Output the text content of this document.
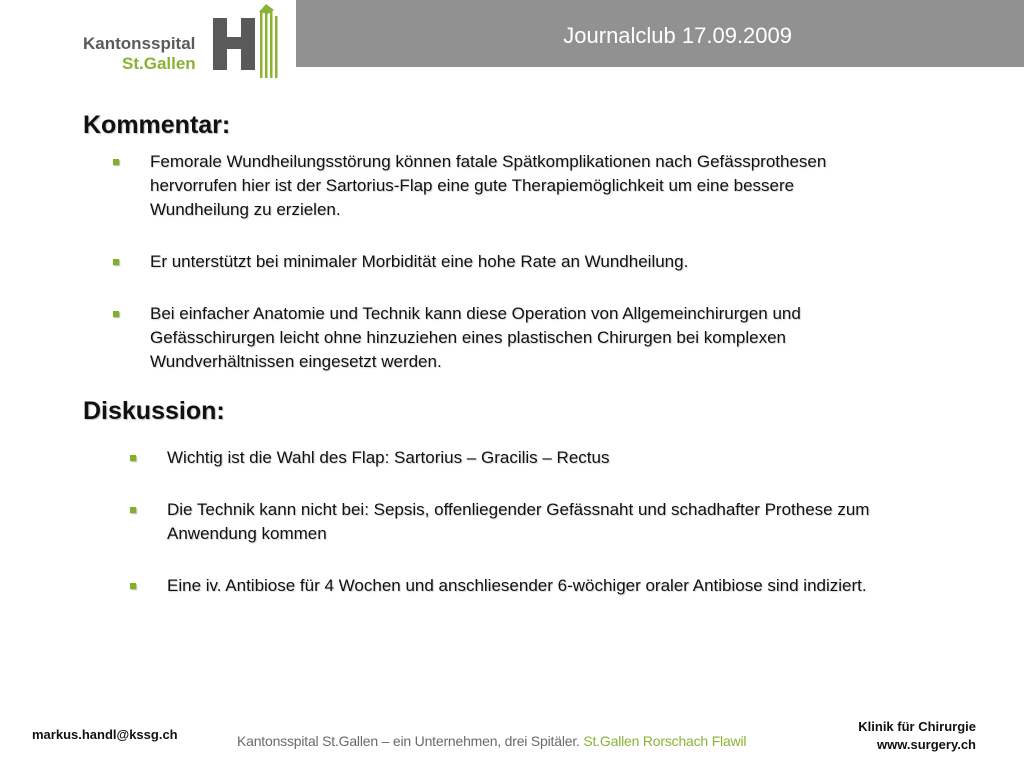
Kantonsspital
St.Gallen
Journalclub 17.09.2009
Kommentar:
Femorale Wundheilungsstörung können fatale Spätkomplikationen nach Gefässprothesen hervorrufen hier ist der Sartorius-Flap eine gute Therapiemöglichkeit um eine bessere Wundheilung zu erzielen.
Er unterstützt bei minimaler Morbidität eine hohe Rate an Wundheilung.
Bei einfacher Anatomie und Technik kann diese Operation von Allgemeinchirurgen und Gefässchirurgen leicht ohne hinzuziehen eines plastischen Chirurgen bei komplexen Wundverhältnissen eingesetzt werden.
Diskussion:
Wichtig ist die Wahl des Flap: Sartorius – Gracilis – Rectus
Die Technik kann nicht bei: Sepsis, offenliegender Gefässnaht und schadhafter Prothese zum Anwendung kommen
Eine iv. Antibiose für 4 Wochen und anschliesender 6-wöchiger oraler Antibiose sind indiziert.
markus.handl@kssg.ch	Kantonsspital St.Gallen – ein Unternehmen, drei Spitäler. St.Gallen Rorschach Flawil
Klinik für Chirurgie
www.surgery.ch
